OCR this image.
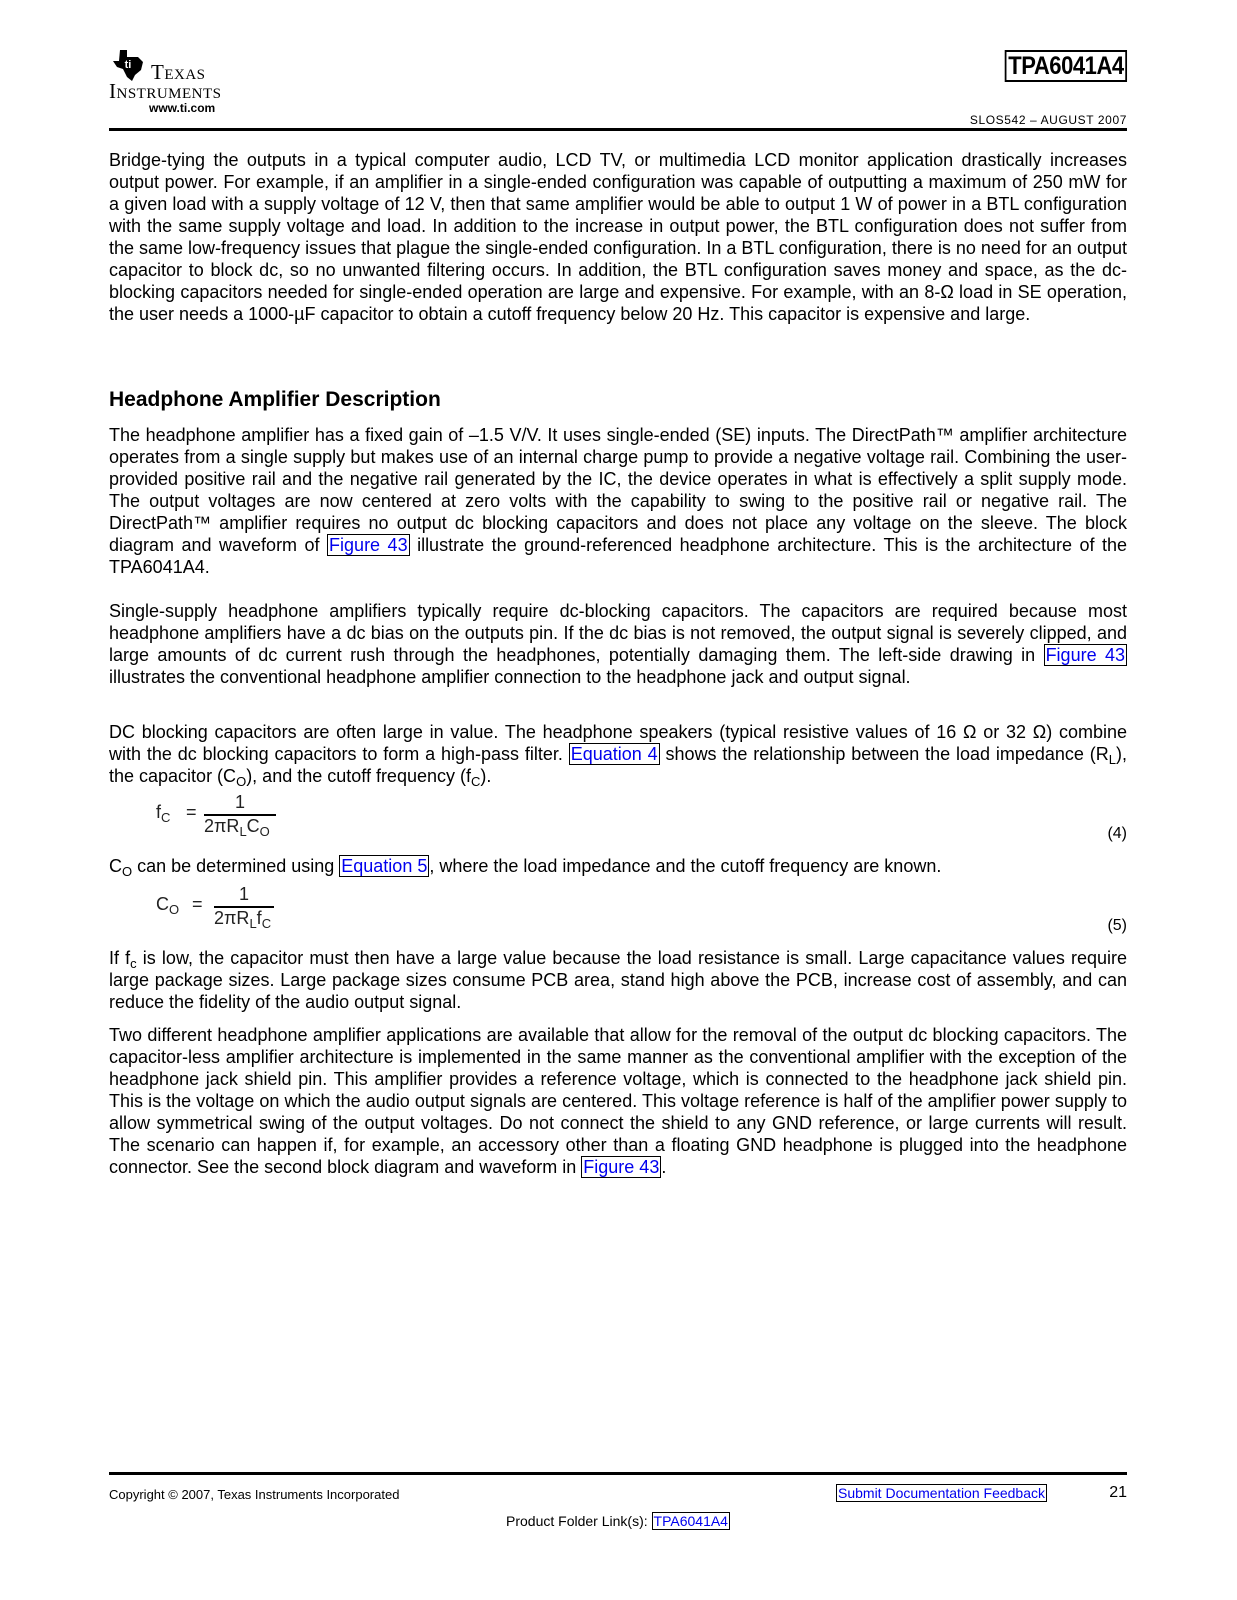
ti Texas
Instruments
www.ti.com
TPA6041A4
SLOS542 – AUGUST 2007
Bridge-tying the outputs in a typical computer audio, LCD TV, or multimedia LCD monitor application drastically increases output power. For example, if an amplifier in a single-ended configuration was capable of outputting a maximum of 250 mW for a given load with a supply voltage of 12 V, then that same amplifier would be able to output 1 W of power in a BTL configuration with the same supply voltage and load. In addition to the increase in output power, the BTL configuration does not suffer from the same low-frequency issues that plague the single-ended configuration. In a BTL configuration, there is no need for an output capacitor to block dc, so no unwanted filtering occurs. In addition, the BTL configuration saves money and space, as the dc-blocking capacitors needed for single-ended operation are large and expensive. For example, with an 8-Ω load in SE operation, the user needs a 1000-µF capacitor to obtain a cutoff frequency below 20 Hz. This capacitor is expensive and large.
Headphone Amplifier Description
The headphone amplifier has a fixed gain of –1.5 V/V. It uses single-ended (SE) inputs. The DirectPath™ amplifier architecture operates from a single supply but makes use of an internal charge pump to provide a negative voltage rail. Combining the user-provided positive rail and the negative rail generated by the IC, the device operates in what is effectively a split supply mode. The output voltages are now centered at zero volts with the capability to swing to the positive rail or negative rail. The DirectPath™ amplifier requires no output dc blocking capacitors and does not place any voltage on the sleeve. The block diagram and waveform of Figure 43 illustrate the ground-referenced headphone architecture. This is the architecture of the TPA6041A4.
Single-supply headphone amplifiers typically require dc-blocking capacitors. The capacitors are required because most headphone amplifiers have a dc bias on the outputs pin. If the dc bias is not removed, the output signal is severely clipped, and large amounts of dc current rush through the headphones, potentially damaging them. The left-side drawing in Figure 43 illustrates the conventional headphone amplifier connection to the headphone jack and output signal.
DC blocking capacitors are often large in value. The headphone speakers (typical resistive values of 16 Ω or 32 Ω) combine with the dc blocking capacitors to form a high-pass filter. Equation 4 shows the relationship between the load impedance $(R_L)$, the capacitor $(C_O)$, and the cutoff frequency $(f_C)$.
$f_C$ =	1
$2\pi R_LC_O$	(4)
$C_O$ can be determined using Equation 5 , where the load impedance and the cutoff frequency are known.
$C_O$ =	1
$2\pi R_Lf_C$	(5)
If $f_c$ is low, the capacitor must then have a large value because the load resistance is small. Large capacitance values require large package sizes. Large package sizes consume PCB area, stand high above the PCB, increase cost of assembly, and can reduce the fidelity of the audio output signal.
Two different headphone amplifier applications are available that allow for the removal of the output dc blocking capacitors. The capacitor-less amplifier architecture is implemented in the same manner as the conventional amplifier with the exception of the headphone jack shield pin. This amplifier provides a reference voltage, which is connected to the headphone jack shield pin. This is the voltage on which the audio output signals are centered. This voltage reference is half of the amplifier power supply to allow symmetrical swing of the output voltages. Do not connect the shield to any GND reference, or large currents will result. The scenario can happen if, for example, an accessory other than a floating GND headphone is plugged into the headphone connector. See the second block diagram and waveform in Figure 43 .
Copyright © 2007, Texas Instruments Incorporated	Submit Documentation Feedback	21
Product Folder Link(s): TPA6041A4
